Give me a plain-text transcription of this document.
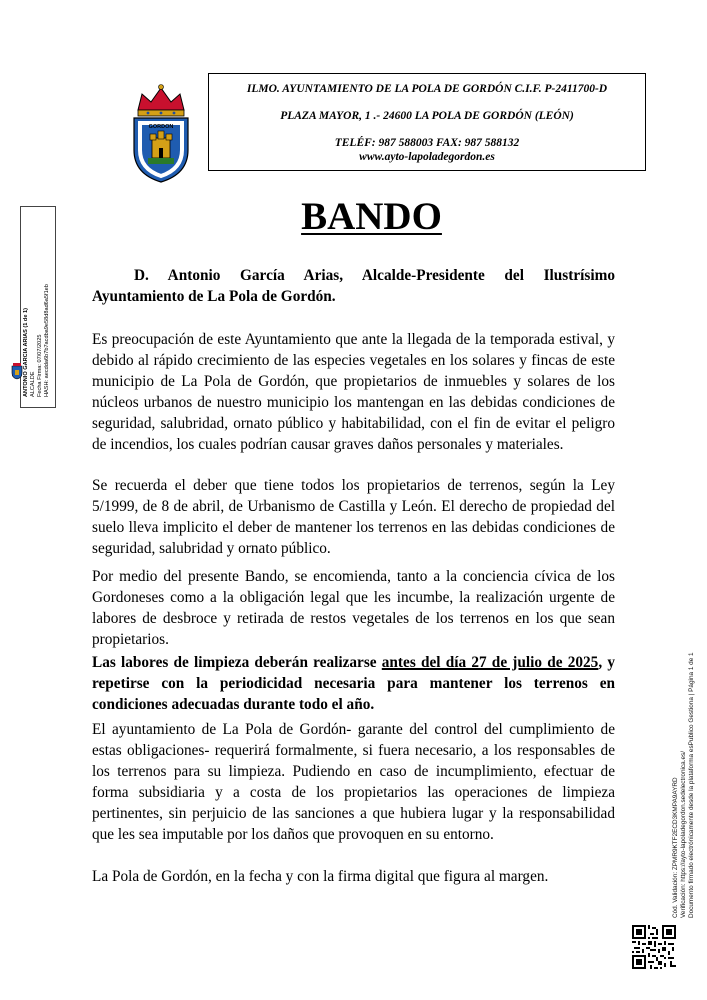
GORDON
ILMO. AYUNTAMIENTO DE LA POLA DE GORDÓN C.I.F. P-2411700-D
PLAZA MAYOR, 1 .- 24600 LA POLA DE GORDÓN (LEÓN)
TELÉF: 987 588003 FAX: 987 588132
www.ayto-lapoladegordon.es
BANDO
D. Antonio García Arias, Alcalde-Presidente del Ilustrísimo Ayuntamiento de La Pola de Gordón.
Es preocupación de este Ayuntamiento que ante la llegada de la temporada estival, y debido al rápido crecimiento de las especies vegetales en los solares y fincas de este municipio de La Pola de Gordón, que propietarios de inmuebles y solares de los núcleos urbanos de nuestro municipio los mantengan en las debidas condiciones de seguridad, salubridad, ornato público y habitabilidad, con el fin de evitar el peligro de incendios, los cuales podrían causar graves daños personales y materiales.
Se recuerda el deber que tiene todos los propietarios de terrenos, según la Ley 5/1999, de 8 de abril, de Urbanismo de Castilla y León. El derecho de propiedad del suelo lleva implicito el deber de mantener los terrenos en las debidas condiciones de seguridad, salubridad y ornato público.
Por medio del presente Bando, se encomienda, tanto a la conciencia cívica de los Gordoneses como a la obligación legal que les incumbe, la realización urgente de labores de desbroce y retirada de restos vegetales de los terrenos en los que sean propietarios.
Las labores de limpieza deberán realizarse antes del día 27 de julio de 2025, y repetirse con la periodicidad necesaria para mantener los terrenos en condiciones adecuadas durante todo el año.
El ayuntamiento de La Pola de Gordón- garante del control del cumplimiento de estas obligaciones- requerirá formalmente, si fuera necesario, a los responsables de los terrenos para su limpieza. Pudiendo en caso de incumplimiento, efectuar de forma subsidiaria y a costa de los propietarios las operaciones de limpieza pertinentes, sin perjuicio de las sanciones a que hubiera lugar y la responsabilidad que les sea imputable por los daños que provoquen en su entorno.
La Pola de Gordón, en la fecha y con la firma digital que figura al margen.
ANTONIO GARCIA ARIAS (1 de 1) ALCALDE Fecha Firma: 07/07/2025 HASH: aecdda6b7b7acdba9e58d8ad6a5f1eb
Cód. Validación: ZPMR9KTF2ECD3KMPA9AYRD Verificación: https://ayto-lapoladegordon.sedelectronica.es/ Documento firmado electrónicamente desde la plataforma esPublico Gestiona | Página 1 de 1
